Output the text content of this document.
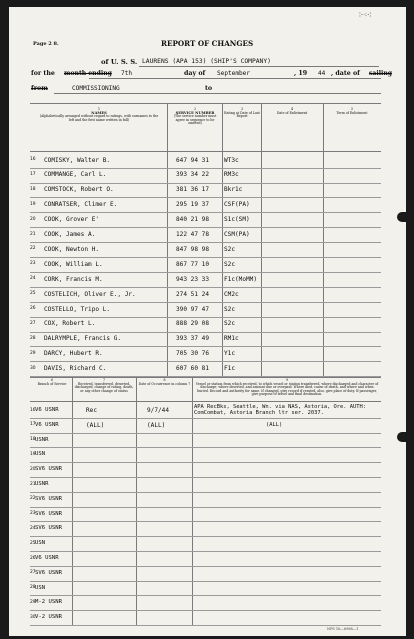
∶·⁖·∶
Page 2 8.	REPORT OF CHANGES
of U. S. S. LAURENS (APA 153) (SHIP'S COMPANY)
for the month ending 7th	day of September	, 19 44 , date of sailing
from	COMMISSIONING	to
1
NAMES
(Alphabetically arranged without regard to ratings, with surnames to the left and the first name written in full)
2
SERVICE NUMBER
(The service number must agree in sequence to be omitted)
3
Rating at Date of Last Report
4
Date of Enlistment
5
Term of Enlistment
16	COMISKY, Walter B.	647 94 31 WT3c
17	COMMANGE, Carl L.	393 34 22 RM3c
18	COMSTOCK, Robert O.	381 36 17 Bkr1c
19	CONRATSER, Climer E.	295 19 37 CSF(PA)
20	COOK, Grover E'	840 21 98 S1c(SM)
21	COOK, James A.	122 47 78 CSM(PA)
22	COOK, Newton H.	847 98 98 S2c
23	COOK, William L.	867 77 10 S2c
24	CORK, Francis M.	943 23 33 F1c(MoMM)
25	COSTELICH, Oliver E., Jr.	274 51 24 CM2c
26	COSTELLO, Tripo L.	390 97 47 S2c
27	COX, Robert L.	888 29 08 S2c
28	DALRYMPLE, Francis G.	393 37 49 RM1c
29	DARCY, Hubert R.	705 30 76 Y1c
30	DAVIS, Richard C.	607 60 81 F1c
6
Branch of Service
7
Received, transferred, deserted, discharged, change of rating, death, or any other change of status
8
Date of Occurrence in column 7
9
Vessel or station from which received, to which vessel or station transferred, where discharged and character of discharge; where deserted, and amount due or overpaid. Where died, cause of death, and where and when buried. Record and authority for same. If changed, give record if rerated, also, give place of duty. If passenger, give purpose of travel and final destination.
16 V6 USNR	Rec	9/7/44	APA RecBks, Seattle, Wn. via NAS, Astoria, Ore. AUTH: ComCombat, Astoria Branch ltr ser. 2037.
17 V6 USNR	(ALL)	(ALL)	(ALL)
18 USNR
19 USN
20 SV6 USNR
21 USNR
22 SV6 USNR
23 SV6 USNR
24 SV6 USNR
25 USN
26 V6 USNR
27 SV6 USNR
28 USN
29 M-2 USNR
30 V-2 USNR
NPS 16—6988—1
